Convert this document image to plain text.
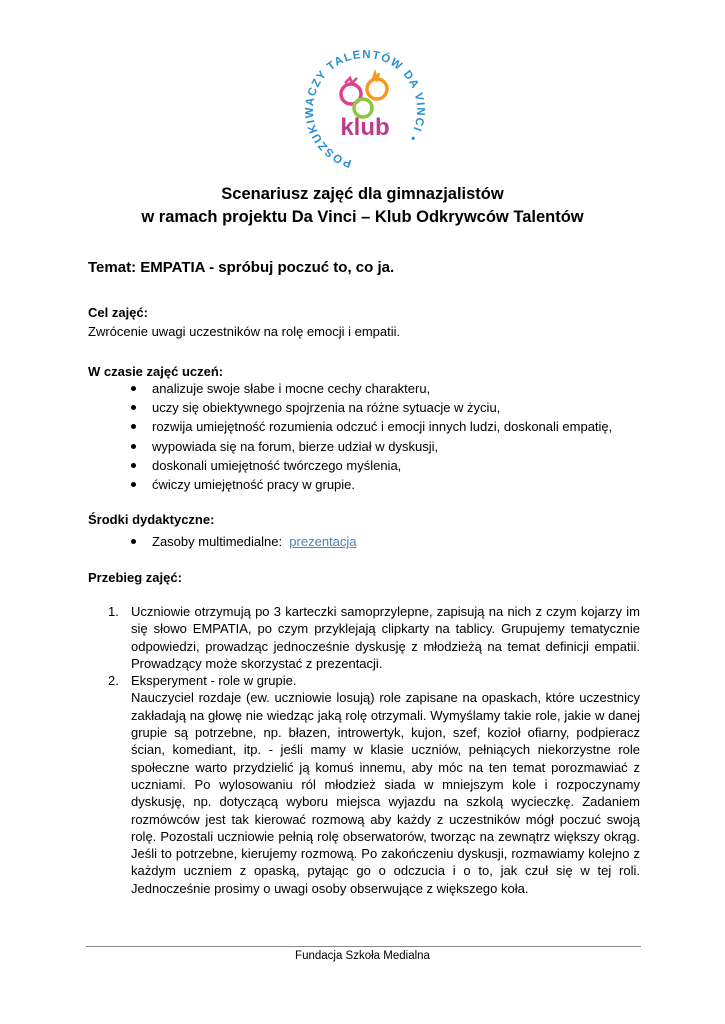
POSZUKIWACZY TALENTÓW DA VINCI •
klub
Scenariusz zajęć dla gimnazjalistów
w ramach projektu Da Vinci – Klub Odkrywców Talentów
Temat: EMPATIA - spróbuj poczuć to, co ja.
Cel zajęć:
Zwrócenie uwagi uczestników na rolę emocji i empatii.
W czasie zajęć uczeń:
analizuje swoje słabe i mocne cechy charakteru,
uczy się obiektywnego spojrzenia na różne sytuacje w życiu,
rozwija umiejętność rozumienia odczuć i emocji innych ludzi, doskonali empatię,
wypowiada się na forum, bierze udział w dyskusji,
doskonali umiejętność twórczego myślenia,
ćwiczy umiejętność pracy w grupie.
Środki dydaktyczne:
Zasoby multimedialne: prezentacja
Przebieg zajęć:
1. Uczniowie otrzymują po 3 karteczki samoprzylepne, zapisują na nich z czym kojarzy im się słowo EMPATIA, po czym przyklejają clipkarty na tablicy. Grupujemy tematycznie odpowiedzi, prowadząc jednocześnie dyskusję z młodzieżą na temat definicji empatii. Prowadzący może skorzystać z prezentacji.
2. Eksperyment - role w grupie.
Nauczyciel rozdaje (ew. uczniowie losują) role zapisane na opaskach, które uczestnicy zakładają na głowę nie wiedząc jaką rolę otrzymali. Wymyślamy takie role, jakie w danej grupie są potrzebne, np. błazen, introwertyk, kujon, szef, kozioł ofiarny, podpieracz ścian, komediant, itp. - jeśli mamy w klasie uczniów, pełniących niekorzystne role społeczne warto przydzielić ją komuś innemu, aby móc na ten temat porozmawiać z uczniami. Po wylosowaniu ról młodzież siada w mniejszym kole i rozpoczynamy dyskusję, np. dotyczącą wyboru miejsca wyjazdu na szkolą wycieczkę. Zadaniem rozmówców jest tak kierować rozmową aby każdy z uczestników mógł poczuć swoją rolę. Pozostali uczniowie pełnią rolę obserwatorów, tworząc na zewnątrz większy okrąg. Jeśli to potrzebne, kierujemy rozmową. Po zakończeniu dyskusji, rozmawiamy kolejno z każdym uczniem z opaską, pytając go o odczucia i o to, jak czuł się w tej roli. Jednocześnie prosimy o uwagi osoby obserwujące z większego koła.
Fundacja Szkoła Medialna
